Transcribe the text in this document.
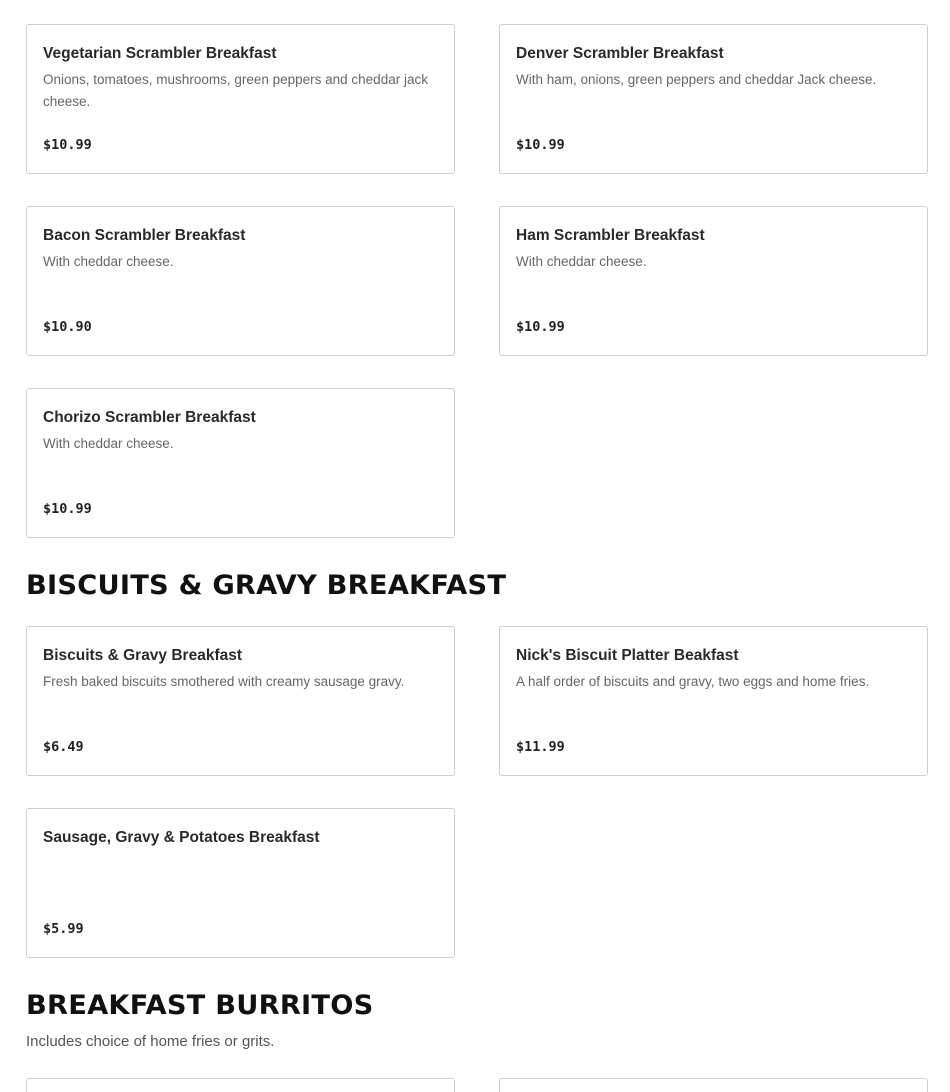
Vegetarian Scrambler Breakfast
Onions, tomatoes, mushrooms, green peppers and cheddar jack cheese.
$10.99
Denver Scrambler Breakfast
With ham, onions, green peppers and cheddar Jack cheese.
$10.99
Bacon Scrambler Breakfast
With cheddar cheese.
$10.90
Ham Scrambler Breakfast
With cheddar cheese.
$10.99
Chorizo Scrambler Breakfast
With cheddar cheese.
$10.99
BISCUITS & GRAVY BREAKFAST
Biscuits & Gravy Breakfast
Fresh baked biscuits smothered with creamy sausage gravy.
$6.49
Nick's Biscuit Platter Beakfast
A half order of biscuits and gravy, two eggs and home fries.
$11.99
Sausage, Gravy & Potatoes Breakfast
$5.99
BREAKFAST BURRITOS
Includes choice of home fries or grits.
